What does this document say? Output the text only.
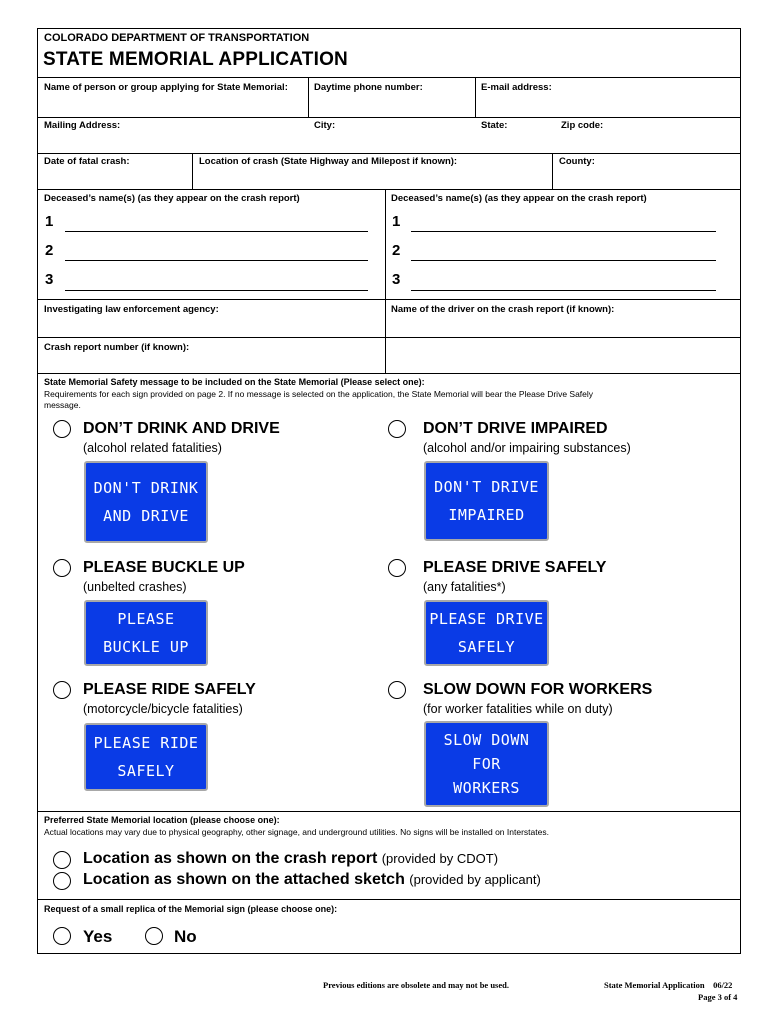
COLORADO DEPARTMENT OF TRANSPORTATION
STATE MEMORIAL APPLICATION
Name of person or group applying for State Memorial:	Daytime phone number:	E-mail address:
Mailing Address:	City:	State:	Zip code:
Date of fatal crash:	Location of crash (State Highway and Milepost if known):	County:
Deceased’s name(s) (as they appear on the crash report)	Deceased’s name(s) (as they appear on the crash report)
1
2
3
1
2
3
Investigating law enforcement agency:	Name of the driver on the crash report (if known):
Crash report number (if known):
State Memorial Safety message to be included on the State Memorial (Please select one):
Requirements for each sign provided on page 2. If no message is selected on the application, the State Memorial will bear the Please Drive Safely
message.
DON’T DRINK AND DRIVE
(alcohol related fatalities)
DON'T DRINK
AND DRIVE
DON’T DRIVE IMPAIRED
(alcohol and/or impairing substances)
DON'T DRIVE
IMPAIRED
PLEASE BUCKLE UP
(unbelted crashes)
PLEASE
BUCKLE UP
PLEASE DRIVE SAFELY
(any fatalities*)
PLEASE DRIVE
SAFELY
PLEASE RIDE SAFELY
(motorcycle/bicycle fatalities)
PLEASE RIDE
SAFELY
SLOW DOWN FOR WORKERS
(for worker fatalities while on duty)
SLOW DOWN
FOR
WORKERS
Preferred State Memorial location (please choose one):
Actual locations may vary due to physical geography, other signage, and underground utilities. No signs will be installed on Interstates.
Location as shown on the crash report (provided by CDOT)
Location as shown on the attached sketch (provided by applicant)
Request of a small replica of the Memorial sign (please choose one):
Yes	No
Previous editions are obsolete and may not be used.	State Memorial Application    06/22
Page 3 of 4
